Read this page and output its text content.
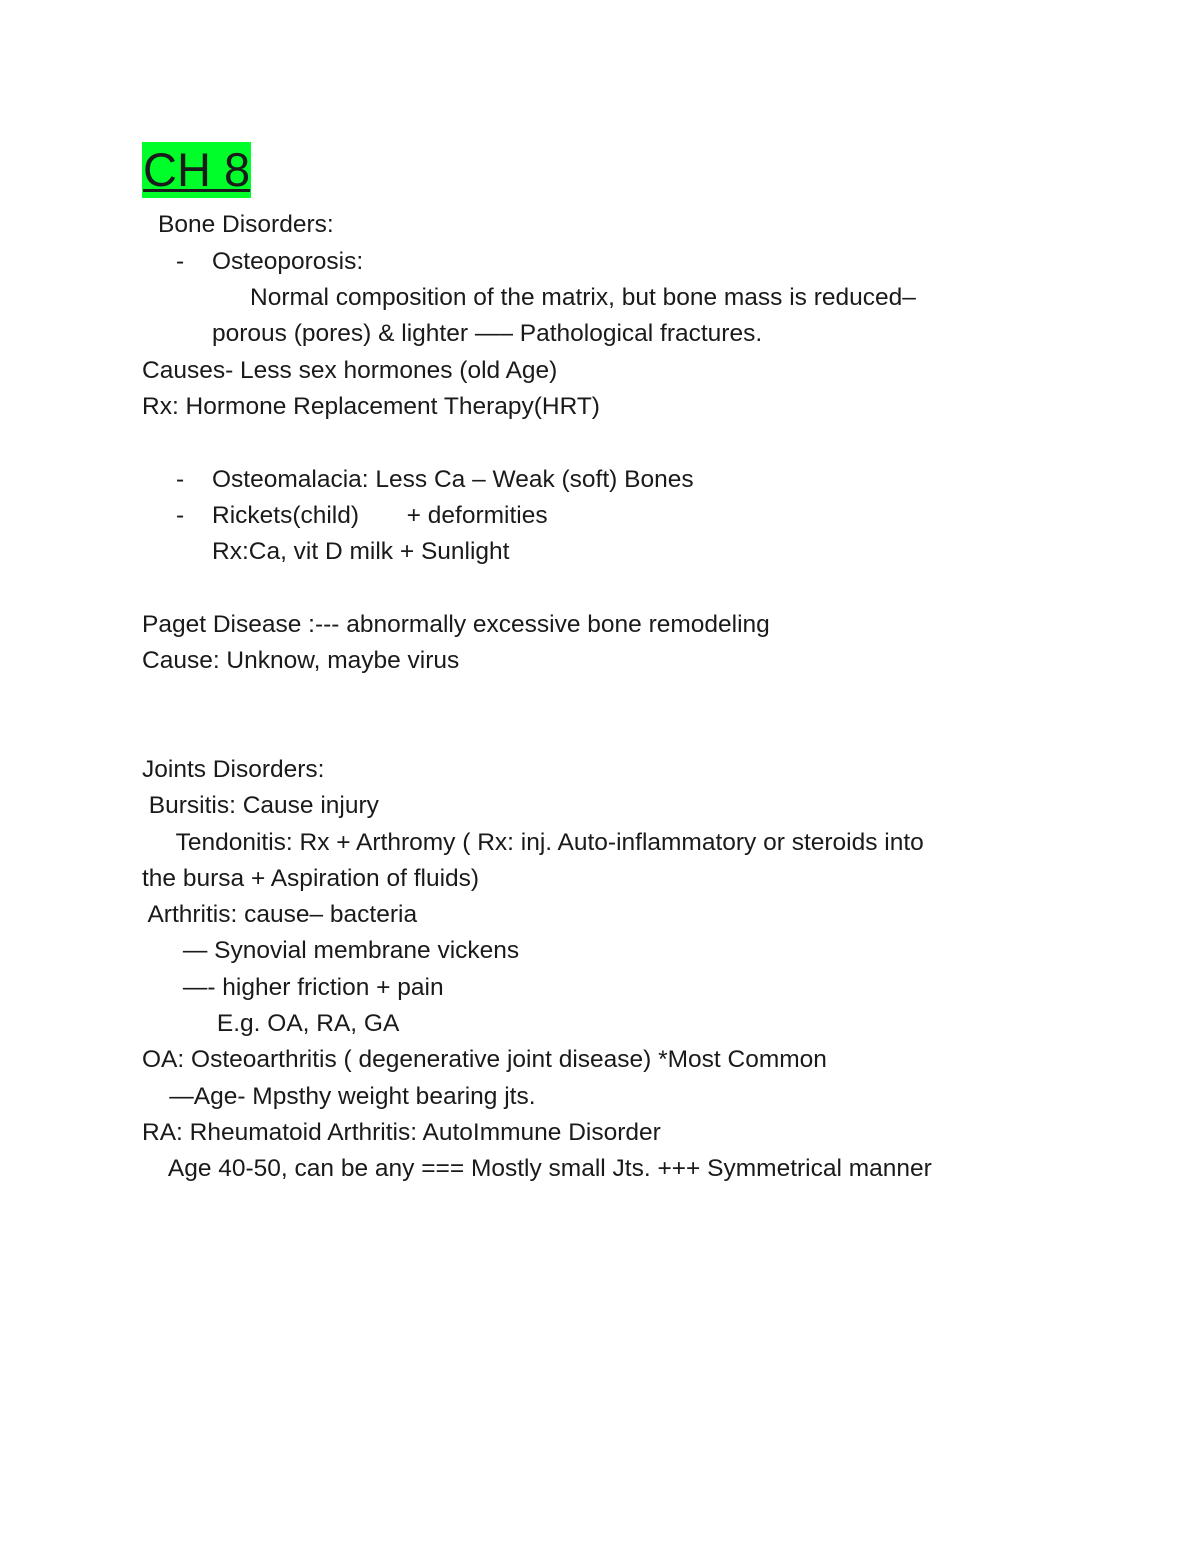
CH 8
Bone Disorders:
- Osteoporosis:
Normal composition of the matrix, but bone mass is reduced–
porous (pores) & lighter —– Pathological fractures.
Causes- Less sex hormones (old Age)
Rx: Hormone Replacement Therapy(HRT)
- Osteomalacia: Less Ca – Weak (soft) Bones
- Rickets(child)       + deformities
Rx:Ca, vit D milk + Sunlight
Paget Disease :--- abnormally excessive bone remodeling
Cause: Unknow, maybe virus
Joints Disorders:
Bursitis: Cause injury
Tendonitis: Rx + Arthromy ( Rx: inj. Auto-inflammatory or steroids into
the bursa + Aspiration of fluids)
Arthritis: cause– bacteria
— Synovial membrane vickens
—- higher friction + pain
E.g. OA, RA, GA
OA: Osteoarthritis ( degenerative joint disease) *Most Common
—Age- Mpsthy weight bearing jts.
RA: Rheumatoid Arthritis: AutoImmune Disorder
Age 40-50, can be any === Mostly small Jts. +++ Symmetrical manner
